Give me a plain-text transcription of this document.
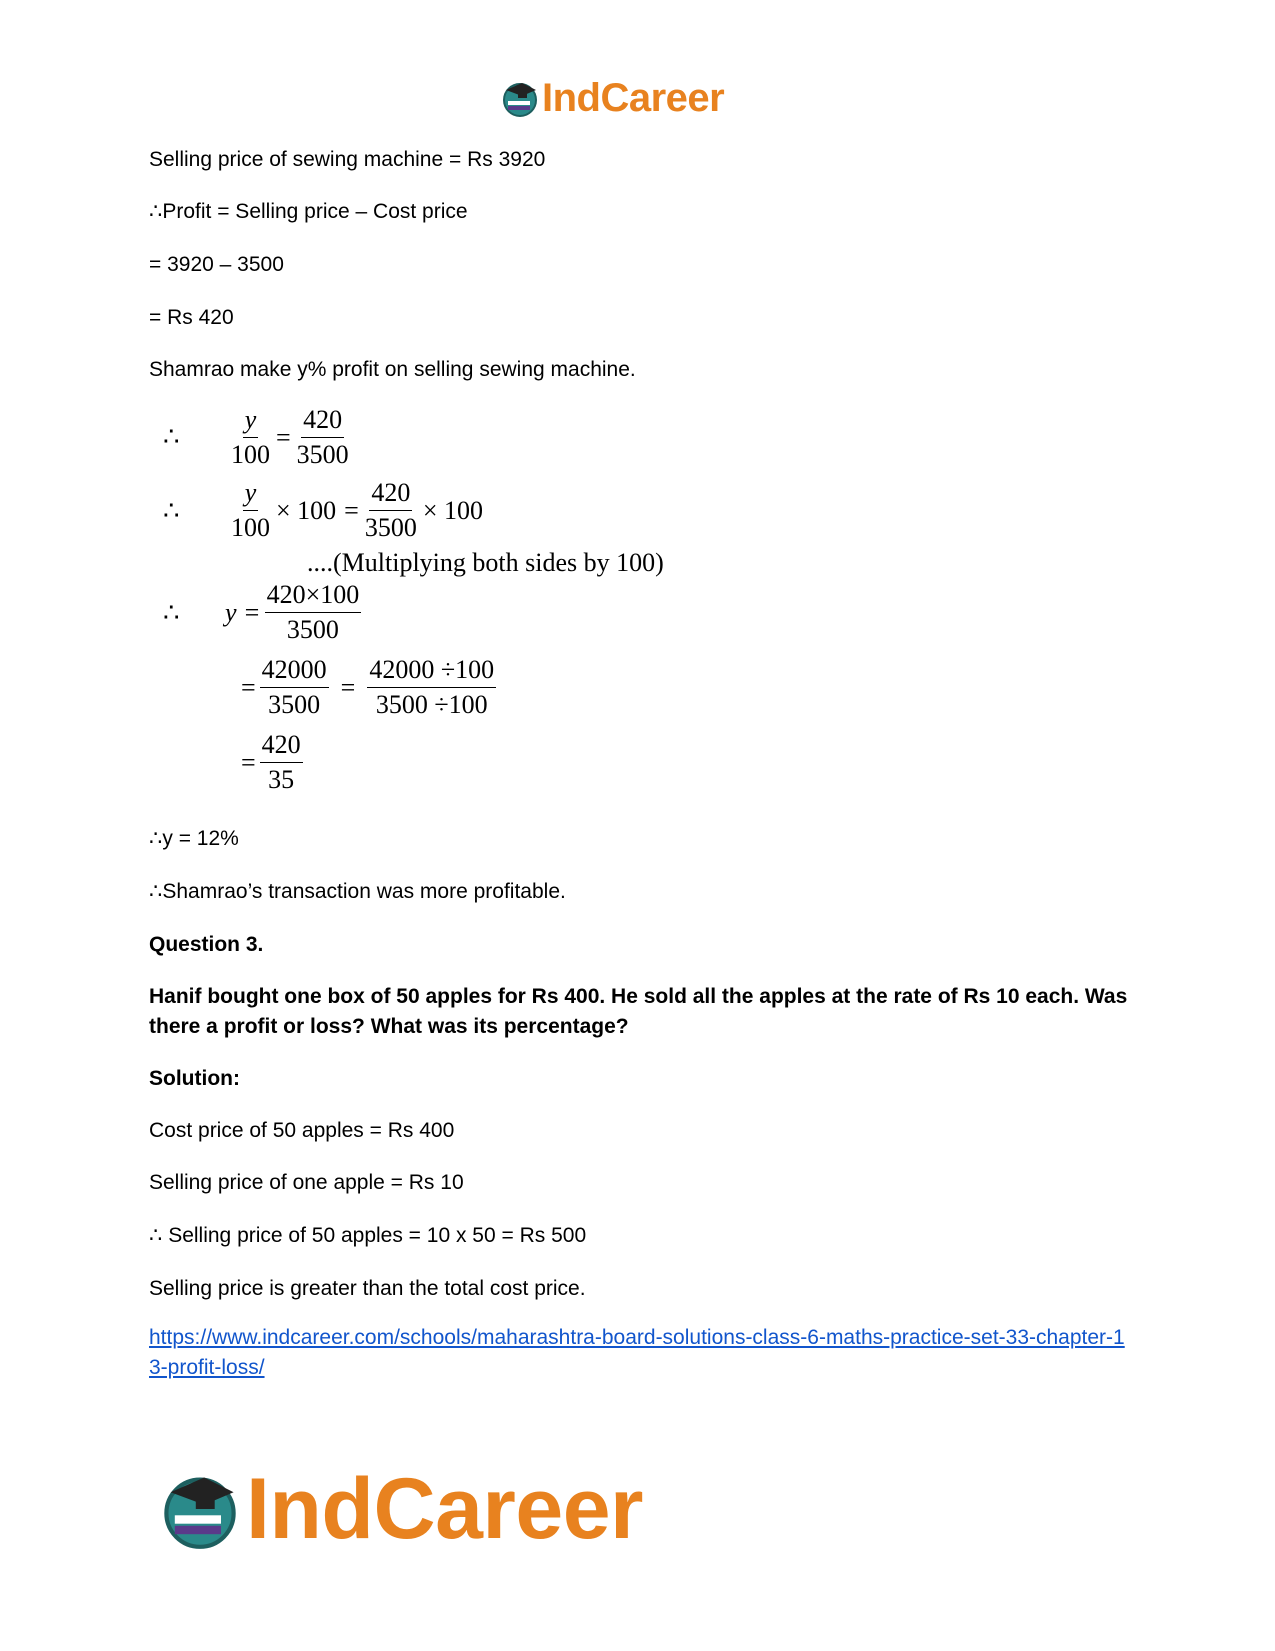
IndCareer

Selling price of sewing machine = Rs 3920

∴Profit = Selling price – Cost price

= 3920 – 3500

= Rs 420

Shamrao make y% profit on selling sewing machine.

∴y = 12%

∴Shamrao’s transaction was more profitable.

Question 3.

Hanif bought one box of 50 apples for Rs 400. He sold all the apples at the rate of Rs 10 each. Was there a profit or loss? What was its percentage?

Solution:

Cost price of 50 apples = Rs 400

Selling price of one apple = Rs 10

∴ Selling price of 50 apples = 10 x 50 = Rs 500

Selling price is greater than the total cost price.

https://www.indcareer.com/schools/maharashtra-board-solutions-class-6-maths-practice-set-33-chapter-13-profit-loss/
∴ $\frac{y}{100} = \frac{420}{3500}$
∴ $\frac{y}{100} \times 100 = \frac{420}{3500} \times 100$
....(Multiplying both sides by 100)
∴ $y = \frac{420\times 100}{3500}$
= $\frac{42000}{3500} = \frac{42000 \div 100}{3500 \div 100}$
= $\frac{420}{35}$
IndCareer
